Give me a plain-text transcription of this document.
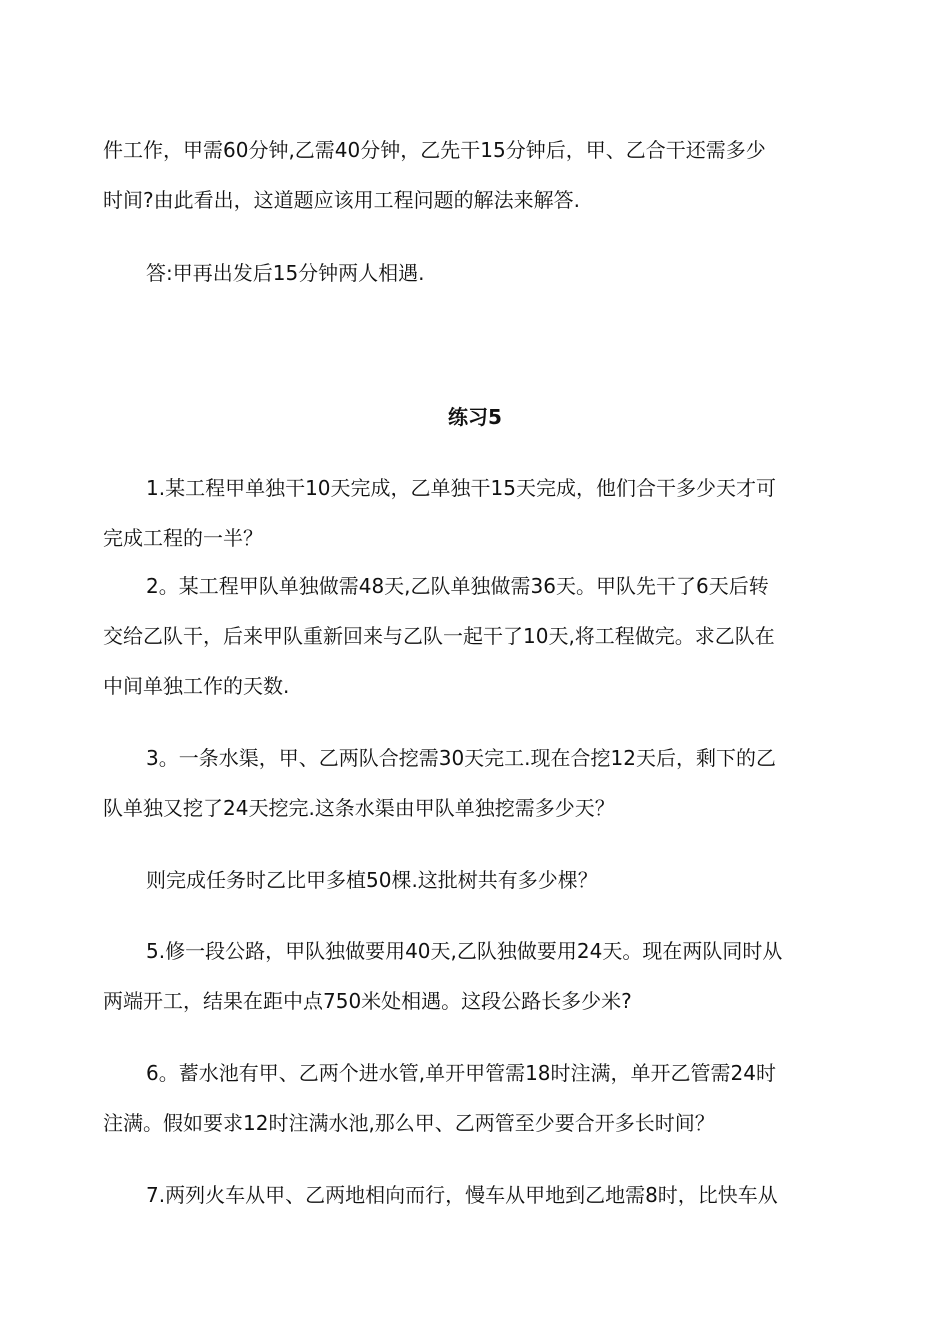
件工作，甲需60分钟,乙需40分钟，乙先干15分钟后，甲、乙合干还需多少
时间?由此看出，这道题应该用工程问题的解法来解答.
答:甲再出发后15分钟两人相遇.
练习5
1.某工程甲单独干10天完成，乙单独干15天完成，他们合干多少天才可
完成工程的一半？
2。某工程甲队单独做需48天,乙队单独做需36天。甲队先干了6天后转
交给乙队干，后来甲队重新回来与乙队一起干了10天,将工程做完。求乙队在
中间单独工作的天数.
3。一条水渠，甲、乙两队合挖需30天完工.现在合挖12天后，剩下的乙
队单独又挖了24天挖完.这条水渠由甲队单独挖需多少天？
则完成任务时乙比甲多植50棵.这批树共有多少棵？
5.修一段公路，甲队独做要用40天,乙队独做要用24天。现在两队同时从
两端开工，结果在距中点750米处相遇。这段公路长多少米?
6。蓄水池有甲、乙两个进水管,单开甲管需18时注满，单开乙管需24时
注满。假如要求12时注满水池,那么甲、乙两管至少要合开多长时间？
7.两列火车从甲、乙两地相向而行，慢车从甲地到乙地需8时，比快车从
